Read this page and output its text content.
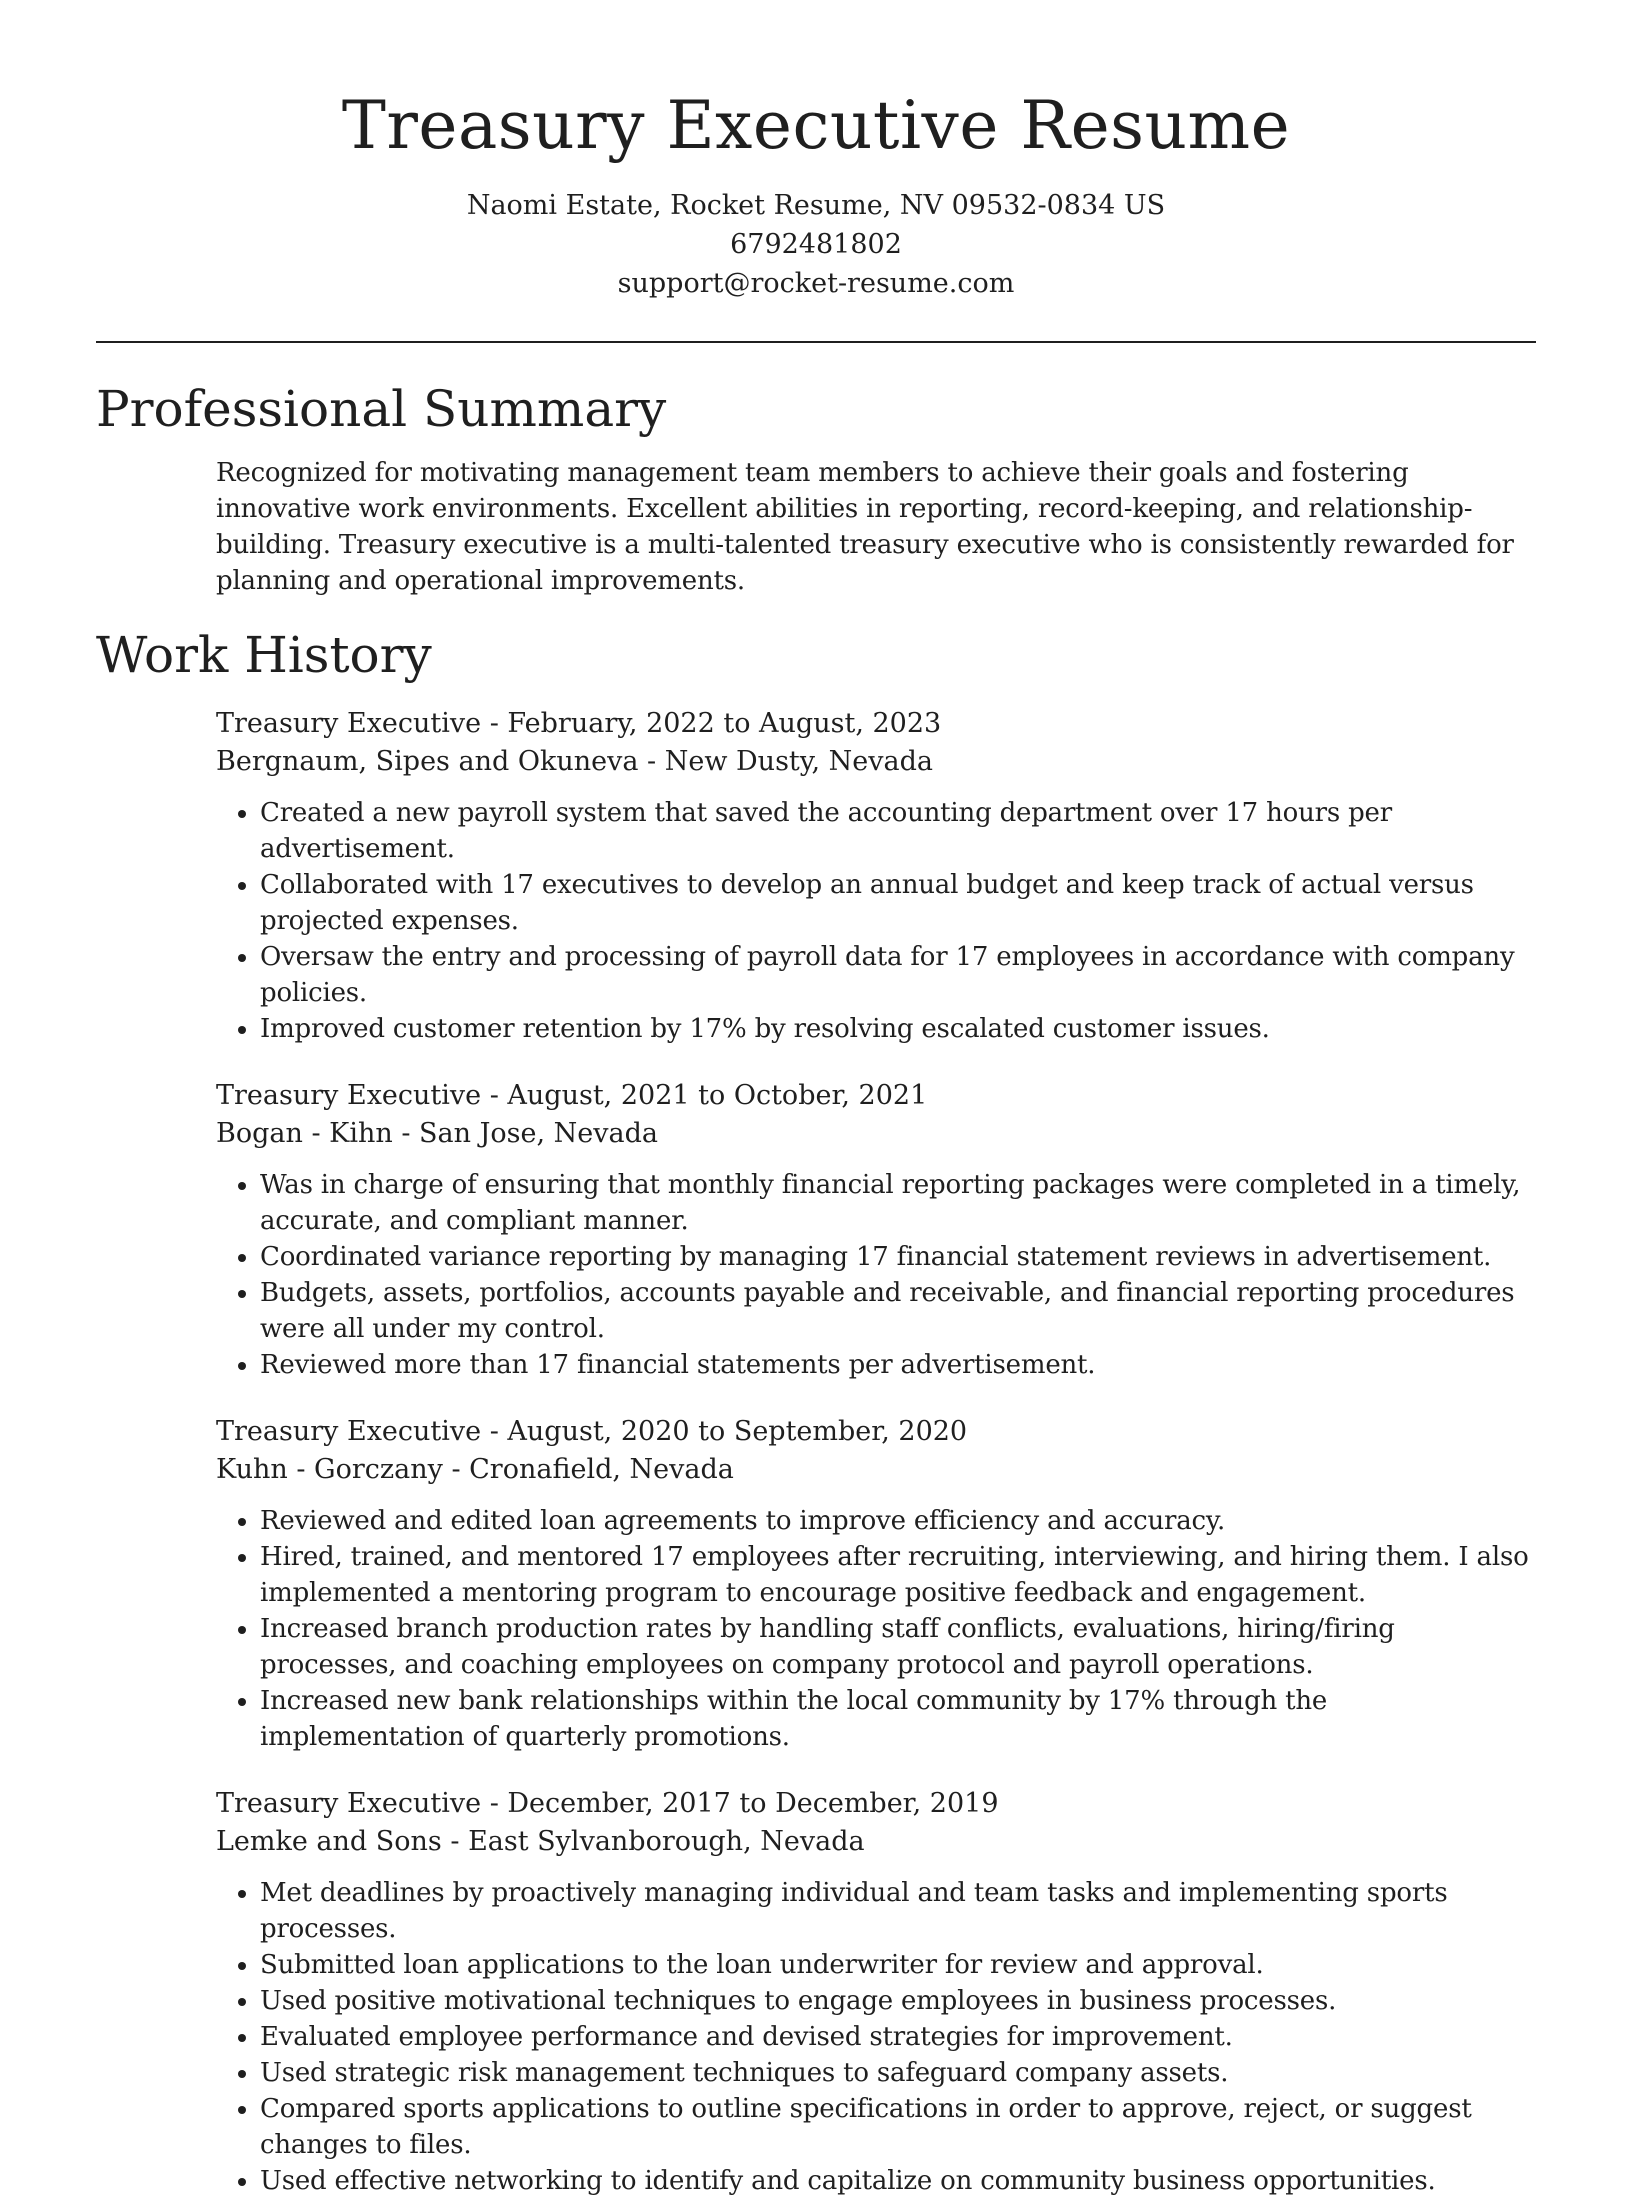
Treasury Executive Resume
Naomi Estate, Rocket Resume, NV 09532-0834 US
6792481802
support@rocket-resume.com
Professional Summary

Recognized for motivating management team members to achieve their goals and fostering innovative work environments. Excellent abilities in reporting, record-keeping, and relationship-building. Treasury executive is a multi-talented treasury executive who is consistently rewarded for planning and operational improvements.

Work History
Treasury Executive - February, 2022 to August, 2023
Bergnaum, Sipes and Okuneva - New Dusty, Nevada
• Created a new payroll system that saved the accounting department over 17 hours per advertisement.
• Collaborated with 17 executives to develop an annual budget and keep track of actual versus projected expenses.
• Oversaw the entry and processing of payroll data for 17 employees in accordance with company policies.
• Improved customer retention by 17% by resolving escalated customer issues.
Treasury Executive - August, 2021 to October, 2021
Bogan - Kihn - San Jose, Nevada
• Was in charge of ensuring that monthly financial reporting packages were completed in a timely, accurate, and compliant manner.
• Coordinated variance reporting by managing 17 financial statement reviews in advertisement.
• Budgets, assets, portfolios, accounts payable and receivable, and financial reporting procedures were all under my control.
• Reviewed more than 17 financial statements per advertisement.
Treasury Executive - August, 2020 to September, 2020
Kuhn - Gorczany - Cronafield, Nevada
• Reviewed and edited loan agreements to improve efficiency and accuracy.
• Hired, trained, and mentored 17 employees after recruiting, interviewing, and hiring them. I also implemented a mentoring program to encourage positive feedback and engagement.
• Increased branch production rates by handling staff conflicts, evaluations, hiring/firing processes, and coaching employees on company protocol and payroll operations.
• Increased new bank relationships within the local community by 17% through the implementation of quarterly promotions.
Treasury Executive - December, 2017 to December, 2019
Lemke and Sons - East Sylvanborough, Nevada
• Met deadlines by proactively managing individual and team tasks and implementing sports processes.
• Submitted loan applications to the loan underwriter for review and approval.
• Used positive motivational techniques to engage employees in business processes.
• Evaluated employee performance and devised strategies for improvement.
• Used strategic risk management techniques to safeguard company assets.
• Compared sports applications to outline specifications in order to approve, reject, or suggest changes to files.
• Used effective networking to identify and capitalize on community business opportunities.
